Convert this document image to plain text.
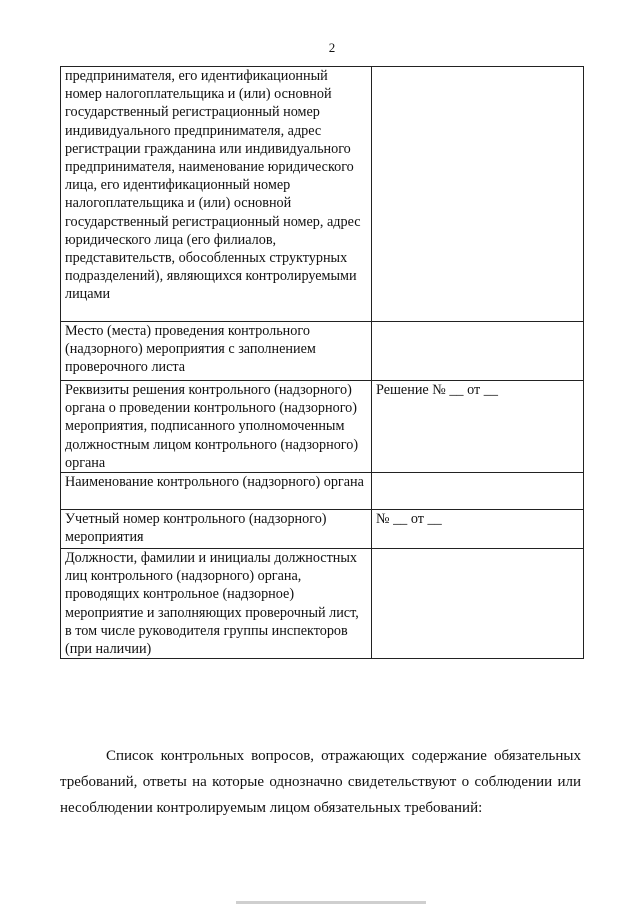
2
предпринимателя, его идентификационный номер налогоплательщика и (или) основной государственный регистрационный номер индивидуального предпринимателя, адрес регистрации гражданина или индивидуального предпринимателя, наименование юридического лица, его идентификационный номер налогоплательщика и (или) основной государственный регистрационный номер, адрес юридического лица (его филиалов, представительств, обособленных структурных подразделений), являющихся контролируемыми лицами	
Место (места) проведения контрольного (надзорного) мероприятия с заполнением проверочного листа	
Реквизиты решения контрольного (надзорного) органа о проведении контрольного (надзорного) мероприятия, подписанного уполномоченным должностным лицом контрольного (надзорного) органа	Решение № __ от __
Наименование контрольного (надзорного) органа	
Учетный номер контрольного (надзорного) мероприятия	№ __ от __
Должности, фамилии и инициалы должностных лиц контрольного (надзорного) органа, проводящих контрольное (надзорное) мероприятие и заполняющих проверочный лист, в том числе руководителя группы инспекторов (при наличии)	

Список контрольных вопросов, отражающих содержание обязательных требований, ответы на которые однозначно свидетельствуют о соблюдении или несоблюдении контролируемым лицом обязательных требований:
